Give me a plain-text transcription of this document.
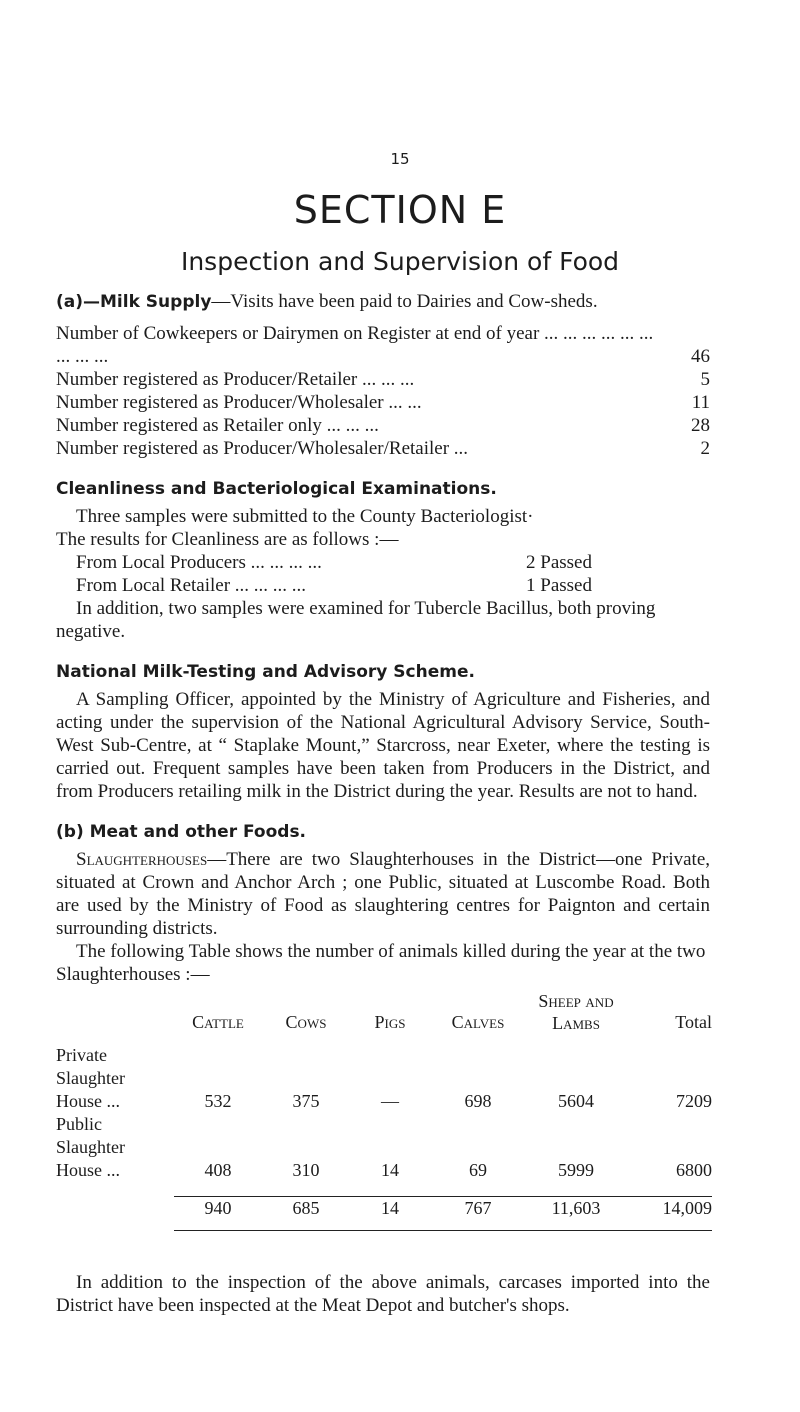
15
SECTION E
Inspection and Supervision of Food

(a)—Milk Supply—Visits have been paid to Dairies and Cow-sheds.

Number of Cowkeepers or Dairymen on Register at end of year ... ... ... ... ... ... ... ... ...	46
Number registered as Producer/Retailer ... ... ...	5
Number registered as Producer/Wholesaler ... ...	11
Number registered as Retailer only ... ... ...	28
Number registered as Producer/Wholesaler/Retailer ...	2

Cleanliness and Bacteriological Examinations.

Three samples were submitted to the County Bacteriologist·

The results for Cleanliness are as follows :—

From Local Producers ... ... ... ...	2 Passed
From Local Retailer ... ... ... ...	1 Passed

In addition, two samples were examined for Tubercle Bacillus, both proving negative.

National Milk-Testing and Advisory Scheme.

A Sampling Officer, appointed by the Ministry of Agriculture and Fisheries, and acting under the supervision of the National Agricultural Advisory Service, South-West Sub-Centre, at “ Staplake Mount,” Starcross, near Exeter, where the testing is carried out. Frequent samples have been taken from Producers in the District, and from Producers retailing milk in the District during the year. Results are not to hand.

(b) Meat and other Foods.

Slaughterhouses—There are two Slaughterhouses in the District—one Private, situated at Crown and Anchor Arch ; one Public, situated at Luscombe Road. Both are used by the Ministry of Food as slaughtering centres for Paignton and certain surrounding districts.

The following Table shows the number of animals killed during the year at the two Slaughterhouses :—

	Cattle	Cows	Pigs	Calves	Sheep and Lambs	Total
Private Slaughter						
House ...	532	375	—	698	5604	7209
Public Slaughter						
House ...	408	310	14	69	5999	6800

	940	685	14	767	11,603	14,009

In addition to the inspection of the above animals, carcases imported into the District have been inspected at the Meat Depot and butcher's shops.
